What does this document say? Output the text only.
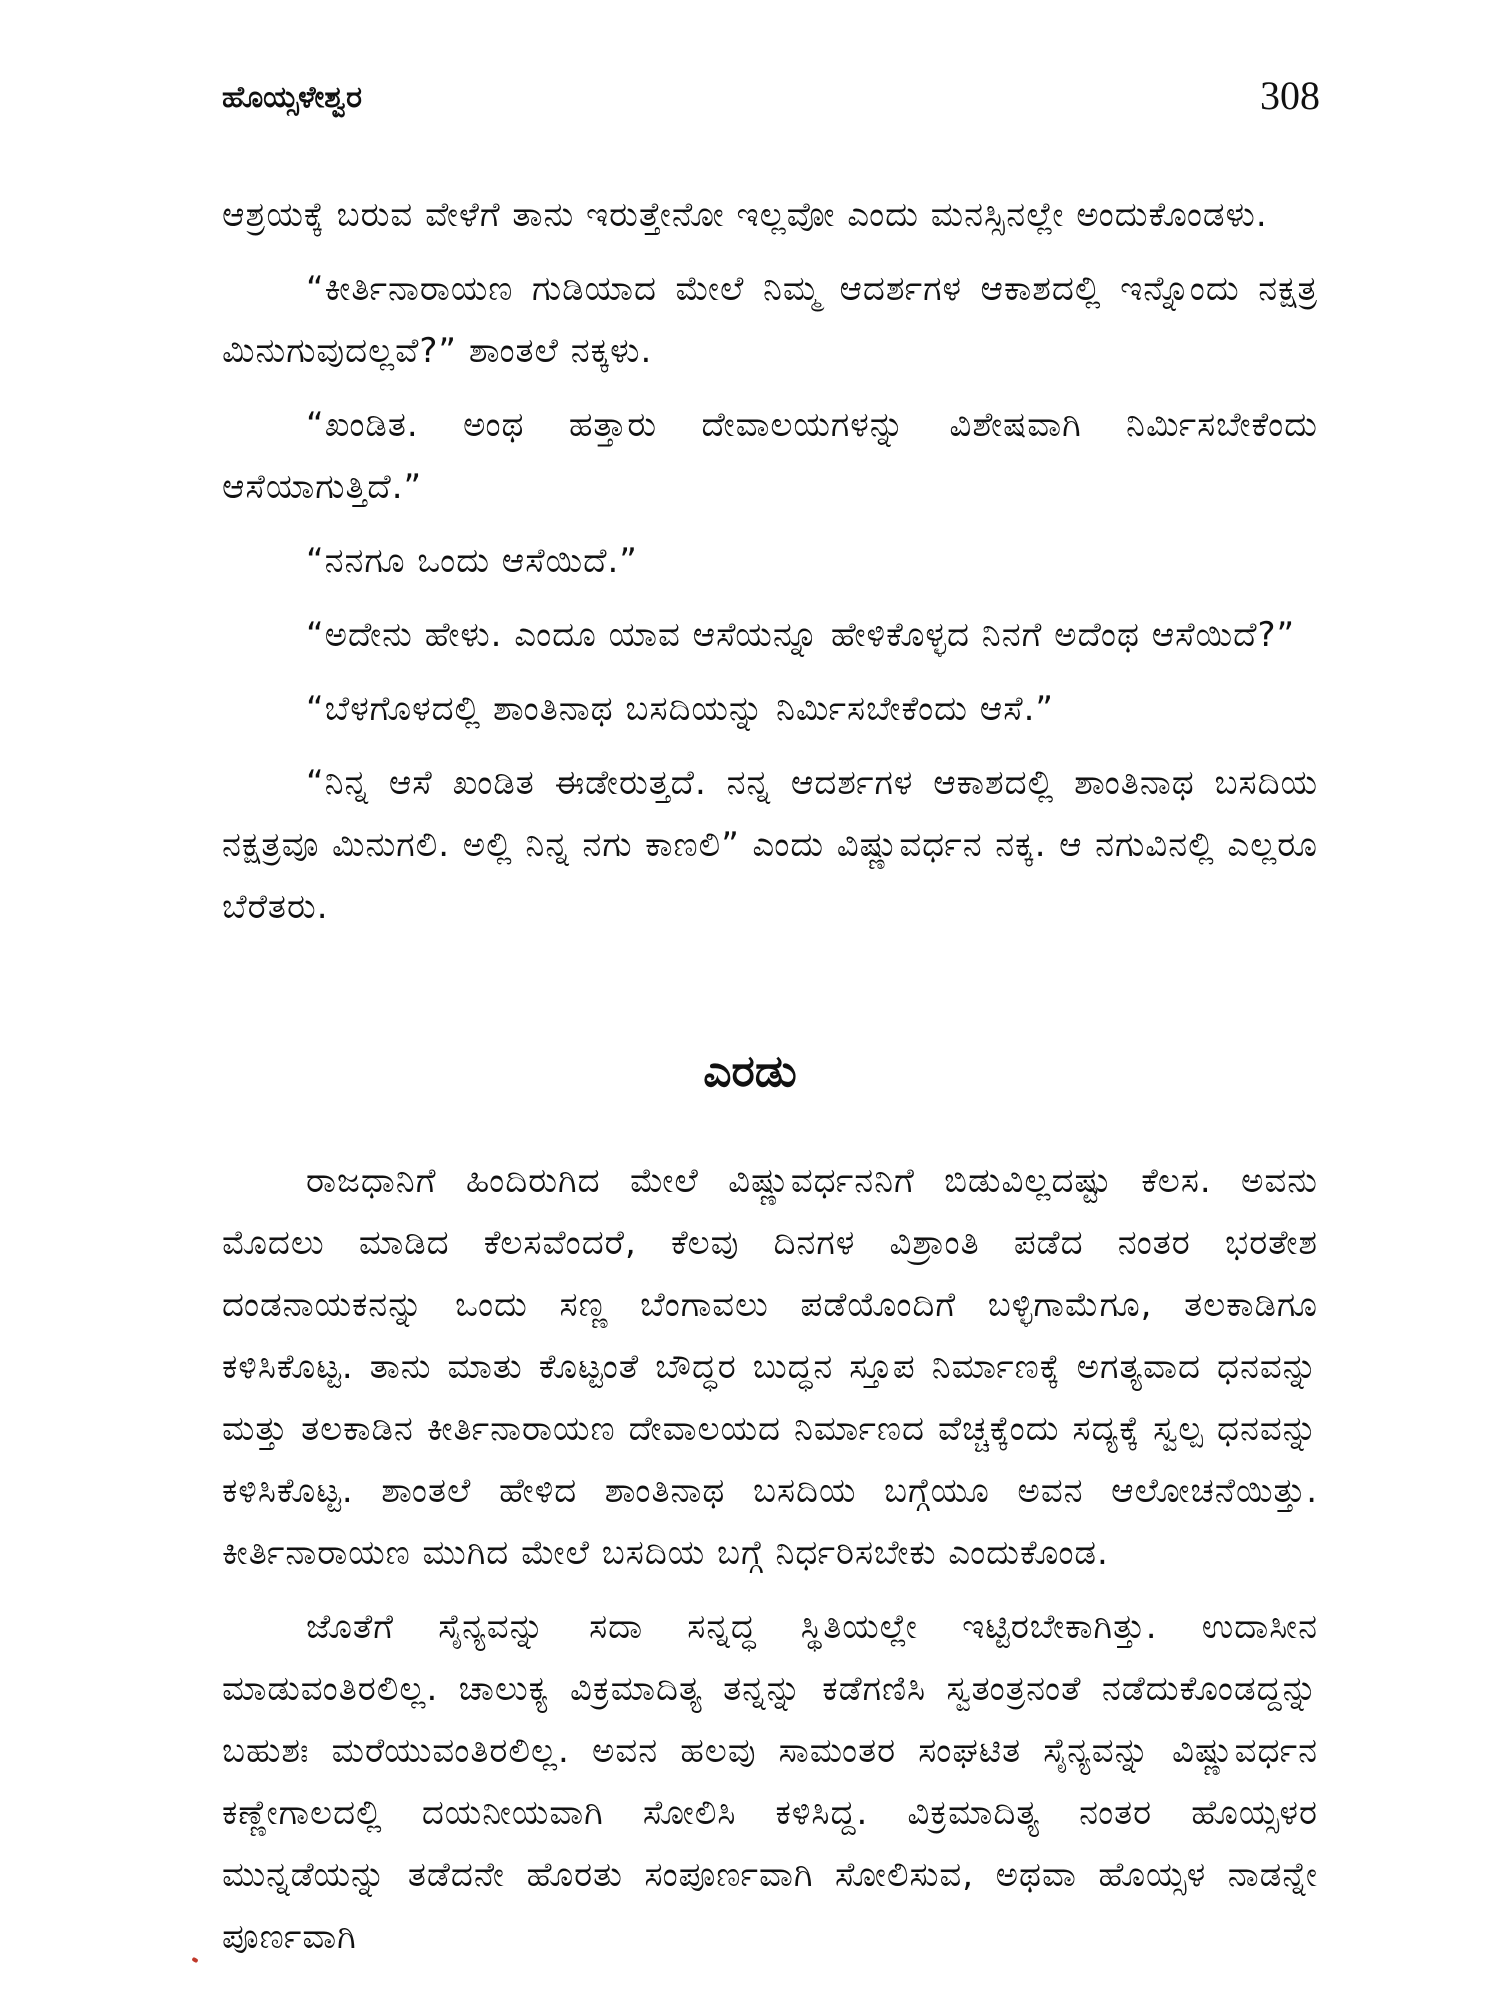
ಹೊಯ್ಸಳೇಶ್ವರ	308

ಆಶ್ರಯಕ್ಕೆ ಬರುವ ವೇಳೆಗೆ ತಾನು ಇರುತ್ತೇನೋ ಇಲ್ಲವೋ ಎಂದು ಮನಸ್ಸಿನಲ್ಲೇ ಅಂದುಕೊಂಡಳು.

“ಕೀರ್ತಿನಾರಾಯಣ ಗುಡಿಯಾದ ಮೇಲೆ ನಿಮ್ಮ ಆದರ್ಶಗಳ ಆಕಾಶದಲ್ಲಿ ಇನ್ನೊಂದು ನಕ್ಷತ್ರ ಮಿನುಗುವುದಲ್ಲವೆ?” ಶಾಂತಲೆ ನಕ್ಕಳು.

“ಖಂಡಿತ. ಅಂಥ ಹತ್ತಾರು ದೇವಾಲಯಗಳನ್ನು ವಿಶೇಷವಾಗಿ ನಿರ್ಮಿಸಬೇಕೆಂದು ಆಸೆಯಾಗುತ್ತಿದೆ.”

“ನನಗೂ ಒಂದು ಆಸೆಯಿದೆ.”

“ಅದೇನು ಹೇಳು. ಎಂದೂ ಯಾವ ಆಸೆಯನ್ನೂ ಹೇಳಿಕೊಳ್ಳದ ನಿನಗೆ ಅದೆಂಥ ಆಸೆಯಿದೆ?”

“ಬೆಳಗೊಳದಲ್ಲಿ ಶಾಂತಿನಾಥ ಬಸದಿಯನ್ನು ನಿರ್ಮಿಸಬೇಕೆಂದು ಆಸೆ.”

“ನಿನ್ನ ಆಸೆ ಖಂಡಿತ ಈಡೇರುತ್ತದೆ. ನನ್ನ ಆದರ್ಶಗಳ ಆಕಾಶದಲ್ಲಿ ಶಾಂತಿನಾಥ ಬಸದಿಯ ನಕ್ಷತ್ರವೂ ಮಿನುಗಲಿ. ಅಲ್ಲಿ ನಿನ್ನ ನಗು ಕಾಣಲಿ” ಎಂದು ವಿಷ್ಣುವರ್ಧನ ನಕ್ಕ. ಆ ನಗುವಿನಲ್ಲಿ ಎಲ್ಲರೂ ಬೆರೆತರು.

ಎರಡು

ರಾಜಧಾನಿಗೆ ಹಿಂದಿರುಗಿದ ಮೇಲೆ ವಿಷ್ಣುವರ್ಧನನಿಗೆ ಬಿಡುವಿಲ್ಲದಷ್ಟು ಕೆಲಸ. ಅವನು ಮೊದಲು ಮಾಡಿದ ಕೆಲಸವೆಂದರೆ, ಕೆಲವು ದಿನಗಳ ವಿಶ್ರಾಂತಿ ಪಡೆದ ನಂತರ ಭರತೇಶ ದಂಡನಾಯಕನನ್ನು ಒಂದು ಸಣ್ಣ ಬೆಂಗಾವಲು ಪಡೆಯೊಂದಿಗೆ ಬಳ್ಳಿಗಾಮೆಗೂ, ತಲಕಾಡಿಗೂ ಕಳಿಸಿಕೊಟ್ಟ. ತಾನು ಮಾತು ಕೊಟ್ಟಂತೆ ಬೌದ್ಧರ ಬುದ್ಧನ ಸ್ತೂಪ ನಿರ್ಮಾಣಕ್ಕೆ ಅಗತ್ಯವಾದ ಧನವನ್ನು ಮತ್ತು ತಲಕಾಡಿನ ಕೀರ್ತಿನಾರಾಯಣ ದೇವಾಲಯದ ನಿರ್ಮಾಣದ ವೆಚ್ಚಕ್ಕೆಂದು ಸದ್ಯಕ್ಕೆ ಸ್ವಲ್ಪ ಧನವನ್ನು ಕಳಿಸಿಕೊಟ್ಟ. ಶಾಂತಲೆ ಹೇಳಿದ ಶಾಂತಿನಾಥ ಬಸದಿಯ ಬಗ್ಗೆಯೂ ಅವನ ಆಲೋಚನೆಯಿತ್ತು. ಕೀರ್ತಿನಾರಾಯಣ ಮುಗಿದ ಮೇಲೆ ಬಸದಿಯ ಬಗ್ಗೆ ನಿರ್ಧರಿಸಬೇಕು ಎಂದುಕೊಂಡ.

ಜೊತೆಗೆ ಸೈನ್ಯವನ್ನು ಸದಾ ಸನ್ನದ್ಧ ಸ್ಥಿತಿಯಲ್ಲೇ ಇಟ್ಟಿರಬೇಕಾಗಿತ್ತು. ಉದಾಸೀನ ಮಾಡುವಂತಿರಲಿಲ್ಲ. ಚಾಲುಕ್ಯ ವಿಕ್ರಮಾದಿತ್ಯ ತನ್ನನ್ನು ಕಡೆಗಣಿಸಿ ಸ್ವತಂತ್ರನಂತೆ ನಡೆದುಕೊಂಡದ್ದನ್ನು ಬಹುಶಃ ಮರೆಯುವಂತಿರಲಿಲ್ಲ. ಅವನ ಹಲವು ಸಾಮಂತರ ಸಂಘಟಿತ ಸೈನ್ಯವನ್ನು ವಿಷ್ಣುವರ್ಧನ ಕಣ್ಣೇಗಾಲದಲ್ಲಿ ದಯನೀಯವಾಗಿ ಸೋಲಿಸಿ ಕಳಿಸಿದ್ದ. ವಿಕ್ರಮಾದಿತ್ಯ ನಂತರ ಹೊಯ್ಸಳರ ಮುನ್ನಡೆಯನ್ನು ತಡೆದನೇ ಹೊರತು ಸಂಪೂರ್ಣವಾಗಿ ಸೋಲಿಸುವ, ಅಥವಾ ಹೊಯ್ಸಳ ನಾಡನ್ನೇ ಪೂರ್ಣವಾಗಿ
